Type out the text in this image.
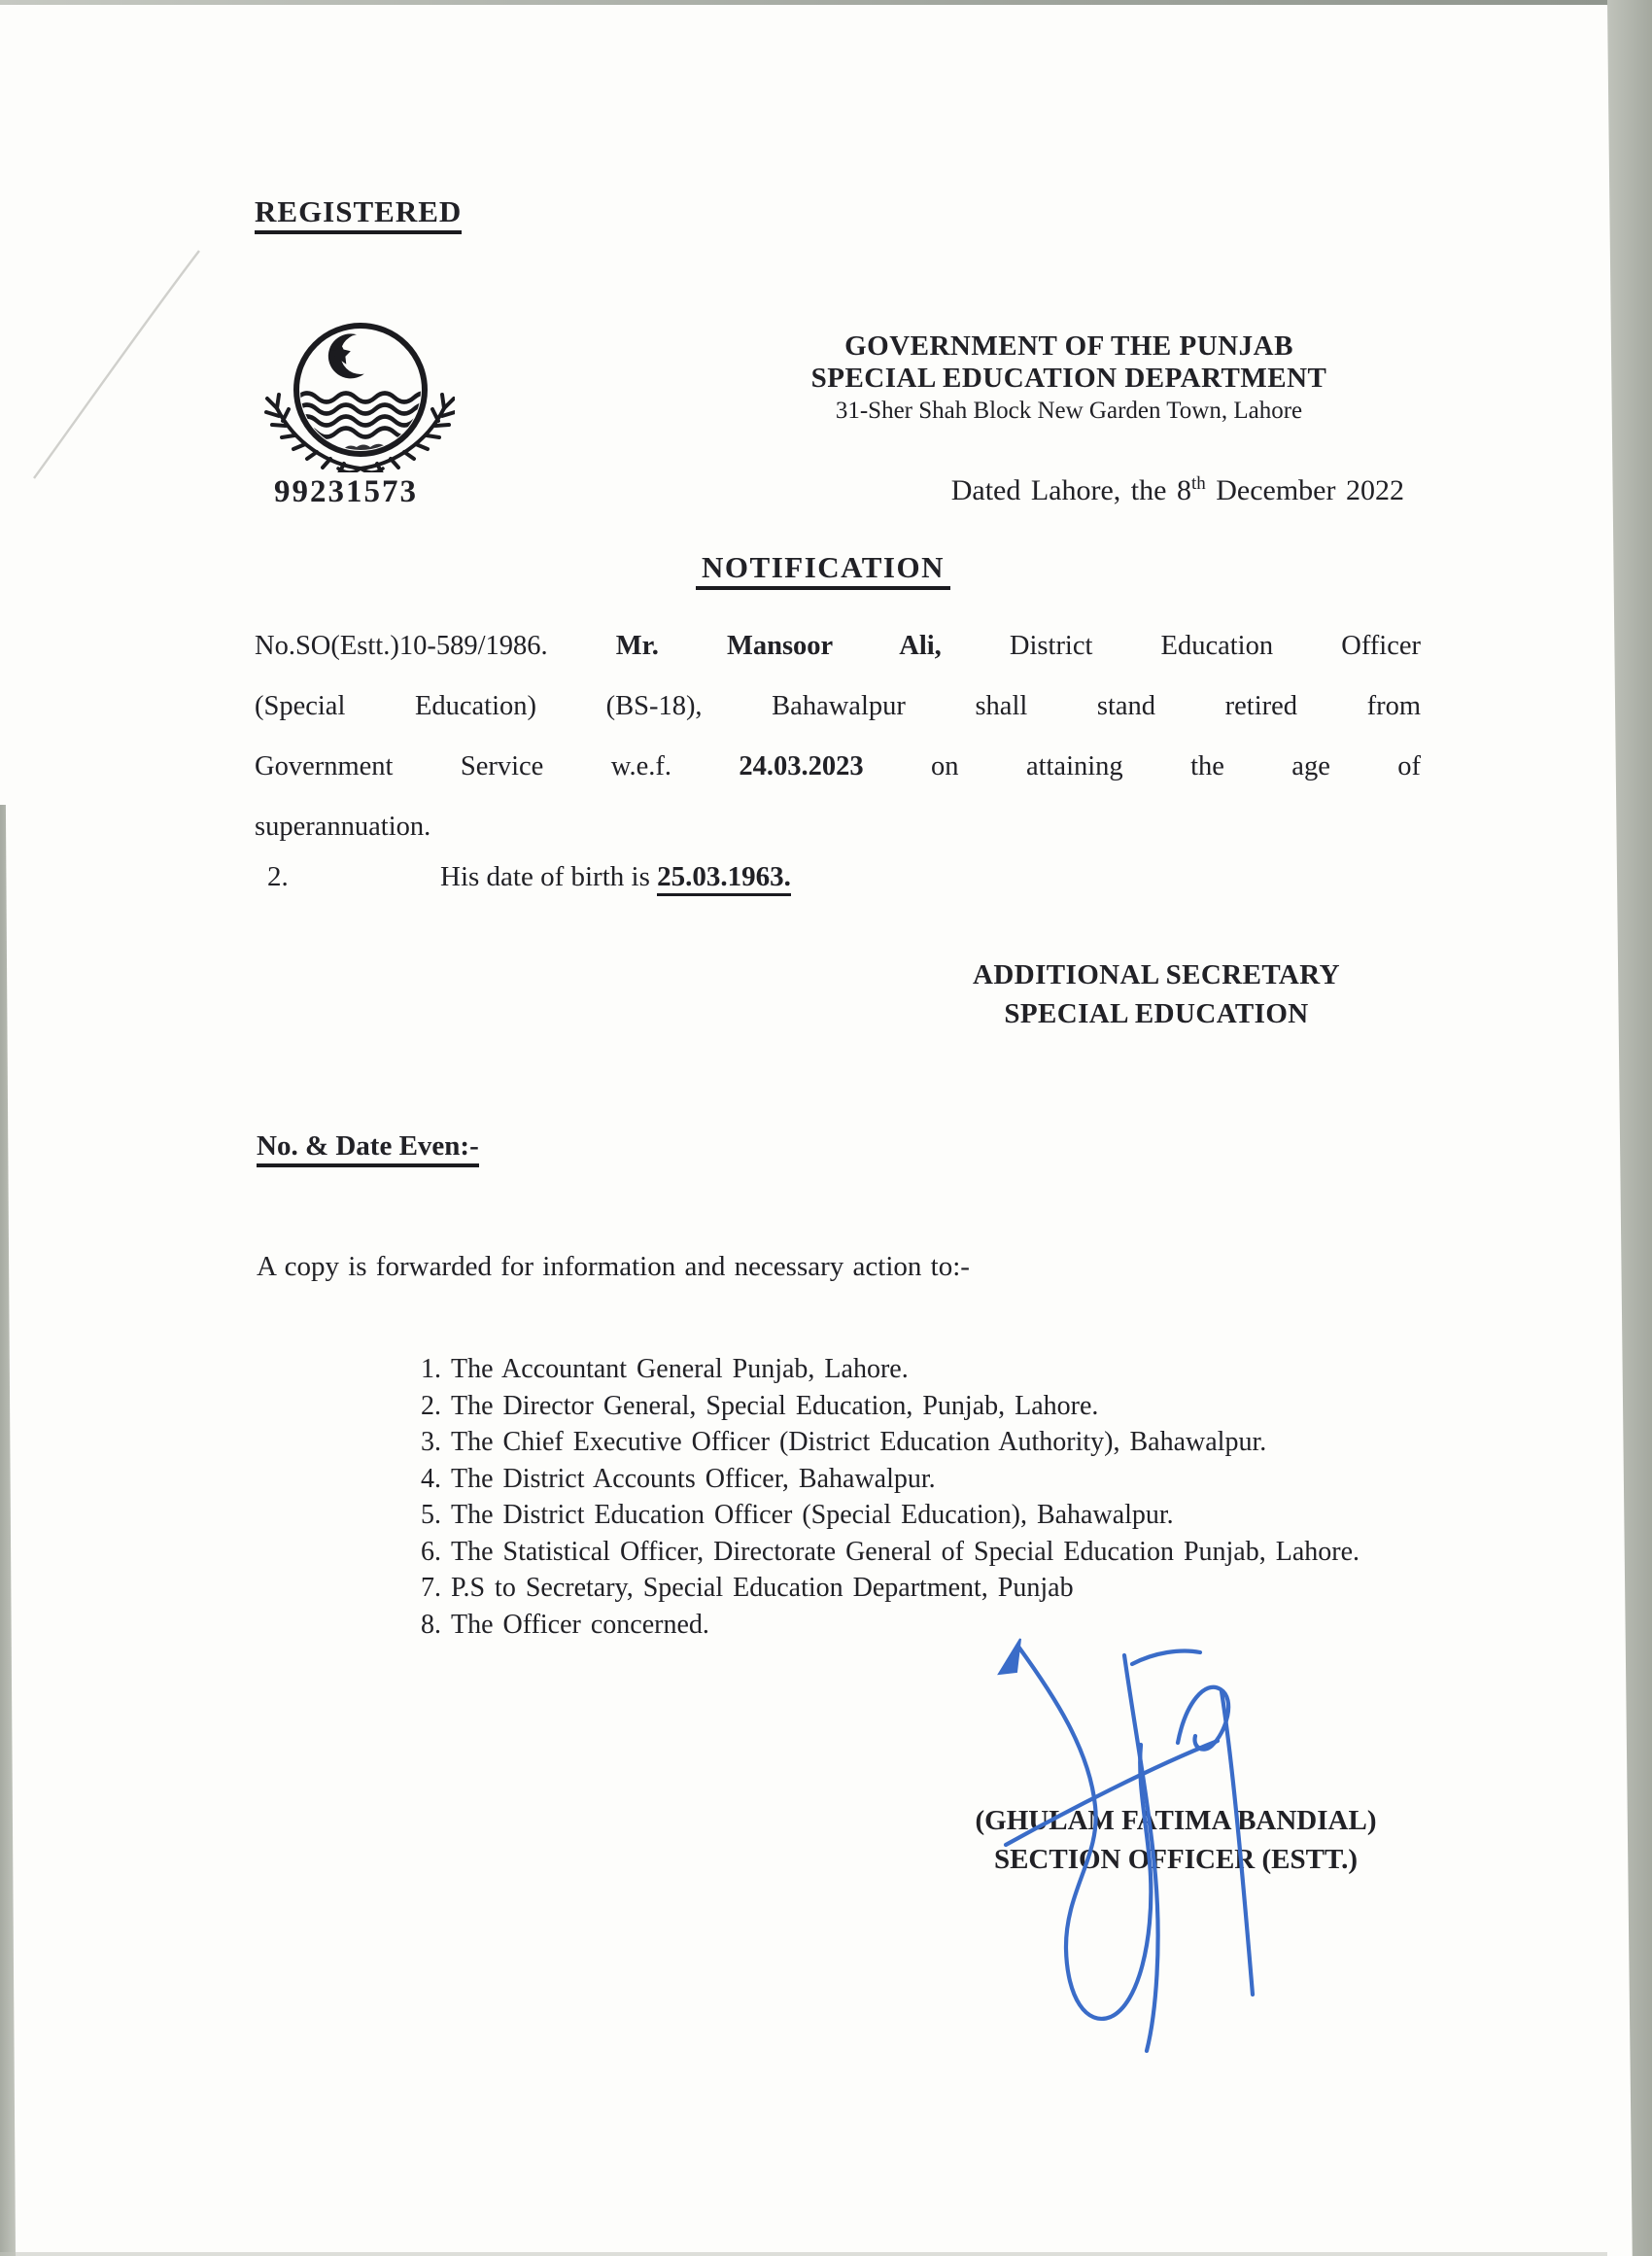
REGISTERED
99231573
GOVERNMENT OF THE PUNJAB
SPECIAL EDUCATION DEPARTMENT
31-Sher Shah Block New Garden Town, Lahore
Dated Lahore, the 8th December 2022
NOTIFICATION
No.SO(Estt.)10-589/1986. Mr. Mansoor Ali, District Education Officer
(Special Education) (BS-18), Bahawalpur shall stand retired from
Government Service w.e.f. 24.03.2023 on attaining the age of
superannuation.
2.	His date of birth is 25.03.1963.
ADDITIONAL SECRETARY
SPECIAL EDUCATION
No. & Date Even:-
A copy is forwarded for information and necessary action to:-
1. The Accountant General Punjab, Lahore.
2. The Director General, Special Education, Punjab, Lahore.
3. The Chief Executive Officer (District Education Authority), Bahawalpur.
4. The District Accounts Officer, Bahawalpur.
5. The District Education Officer (Special Education), Bahawalpur.
6. The Statistical Officer, Directorate General of Special Education Punjab, Lahore.
7. P.S to Secretary, Special Education Department, Punjab
8. The Officer concerned.
(GHULAM FATIMA BANDIAL)
SECTION OFFICER (ESTT.)
